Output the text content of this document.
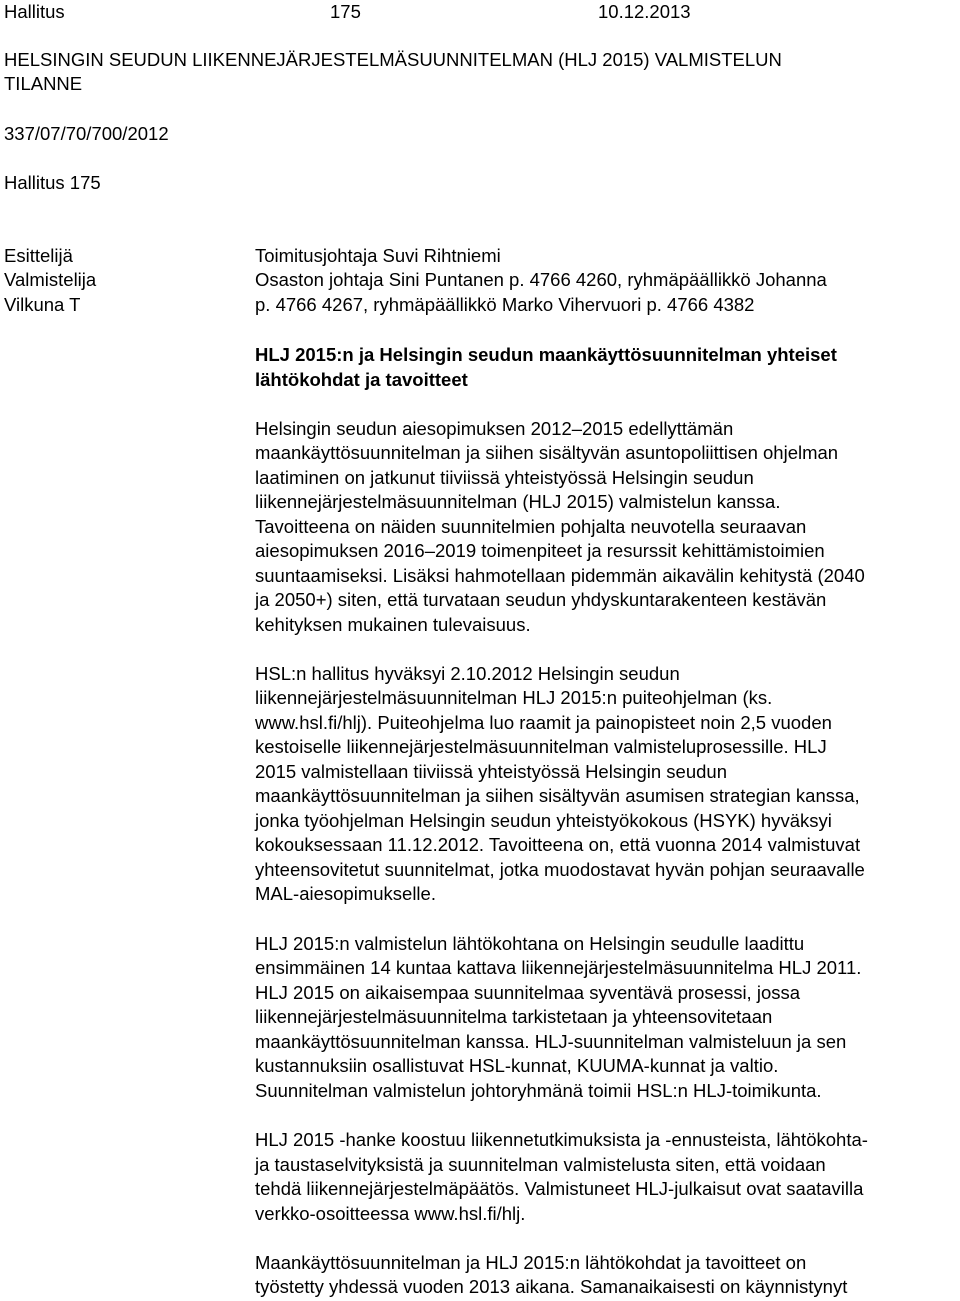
Hallitus	175	10.12.2013
HELSINGIN SEUDUN LIIKENNEJÄRJESTELMÄSUUNNITELMAN (HLJ 2015) VALMISTELUN
TILANNE
337/07/70/700/2012
Hallitus 175
Esittelijä	Toimitusjohtaja Suvi Rihtniemi
Valmistelija	Osaston johtaja Sini Puntanen p. 4766 4260, ryhmäpäällikkö Johanna
Vilkuna T	p. 4766 4267, ryhmäpäällikkö Marko Vihervuori p. 4766 4382
HLJ 2015:n ja Helsingin seudun maankäyttösuunnitelman yhteiset
lähtökohdat ja tavoitteet
Helsingin seudun aiesopimuksen 2012–2015 edellyttämän
maankäyttösuunnitelman ja siihen sisältyvän asuntopoliittisen ohjelman
laatiminen on jatkunut tiiviissä yhteistyössä Helsingin seudun
liikennejärjestelmäsuunnitelman (HLJ 2015) valmistelun kanssa.
Tavoitteena on näiden suunnitelmien pohjalta neuvotella seuraavan
aiesopimuksen 2016–2019 toimenpiteet ja resurssit kehittämistoimien
suuntaamiseksi. Lisäksi hahmotellaan pidemmän aikavälin kehitystä (2040
ja 2050+) siten, että turvataan seudun yhdyskuntarakenteen kestävän
kehityksen mukainen tulevaisuus.
HSL:n hallitus hyväksyi 2.10.2012 Helsingin seudun
liikennejärjestelmäsuunnitelman HLJ 2015:n puiteohjelman (ks.
www.hsl.fi/hlj). Puiteohjelma luo raamit ja painopisteet noin 2,5 vuoden
kestoiselle liikennejärjestelmäsuunnitelman valmisteluprosessille. HLJ
2015 valmistellaan tiiviissä yhteistyössä Helsingin seudun
maankäyttösuunnitelman ja siihen sisältyvän asumisen strategian kanssa,
jonka työohjelman Helsingin seudun yhteistyökokous (HSYK) hyväksyi
kokouksessaan 11.12.2012. Tavoitteena on, että vuonna 2014 valmistuvat
yhteensovitetut suunnitelmat, jotka muodostavat hyvän pohjan seuraavalle
MAL-aiesopimukselle.
HLJ 2015:n valmistelun lähtökohtana on Helsingin seudulle laadittu
ensimmäinen 14 kuntaa kattava liikennejärjestelmäsuunnitelma HLJ 2011.
HLJ 2015 on aikaisempaa suunnitelmaa syventävä prosessi, jossa
liikennejärjestelmäsuunnitelma tarkistetaan ja yhteensovitetaan
maankäyttösuunnitelman kanssa. HLJ-suunnitelman valmisteluun ja sen
kustannuksiin osallistuvat HSL-kunnat, KUUMA-kunnat ja valtio.
Suunnitelman valmistelun johtoryhmänä toimii HSL:n HLJ-toimikunta.
HLJ 2015 -hanke koostuu liikennetutkimuksista ja -ennusteista, lähtökohta-
ja taustaselvityksistä ja suunnitelman valmistelusta siten, että voidaan
tehdä liikennejärjestelmäpäätös. Valmistuneet HLJ-julkaisut ovat saatavilla
verkko-osoitteessa www.hsl.fi/hlj.
Maankäyttösuunnitelman ja HLJ 2015:n lähtökohdat ja tavoitteet on
työstetty yhdessä vuoden 2013 aikana. Samanaikaisesti on käynnistynyt
